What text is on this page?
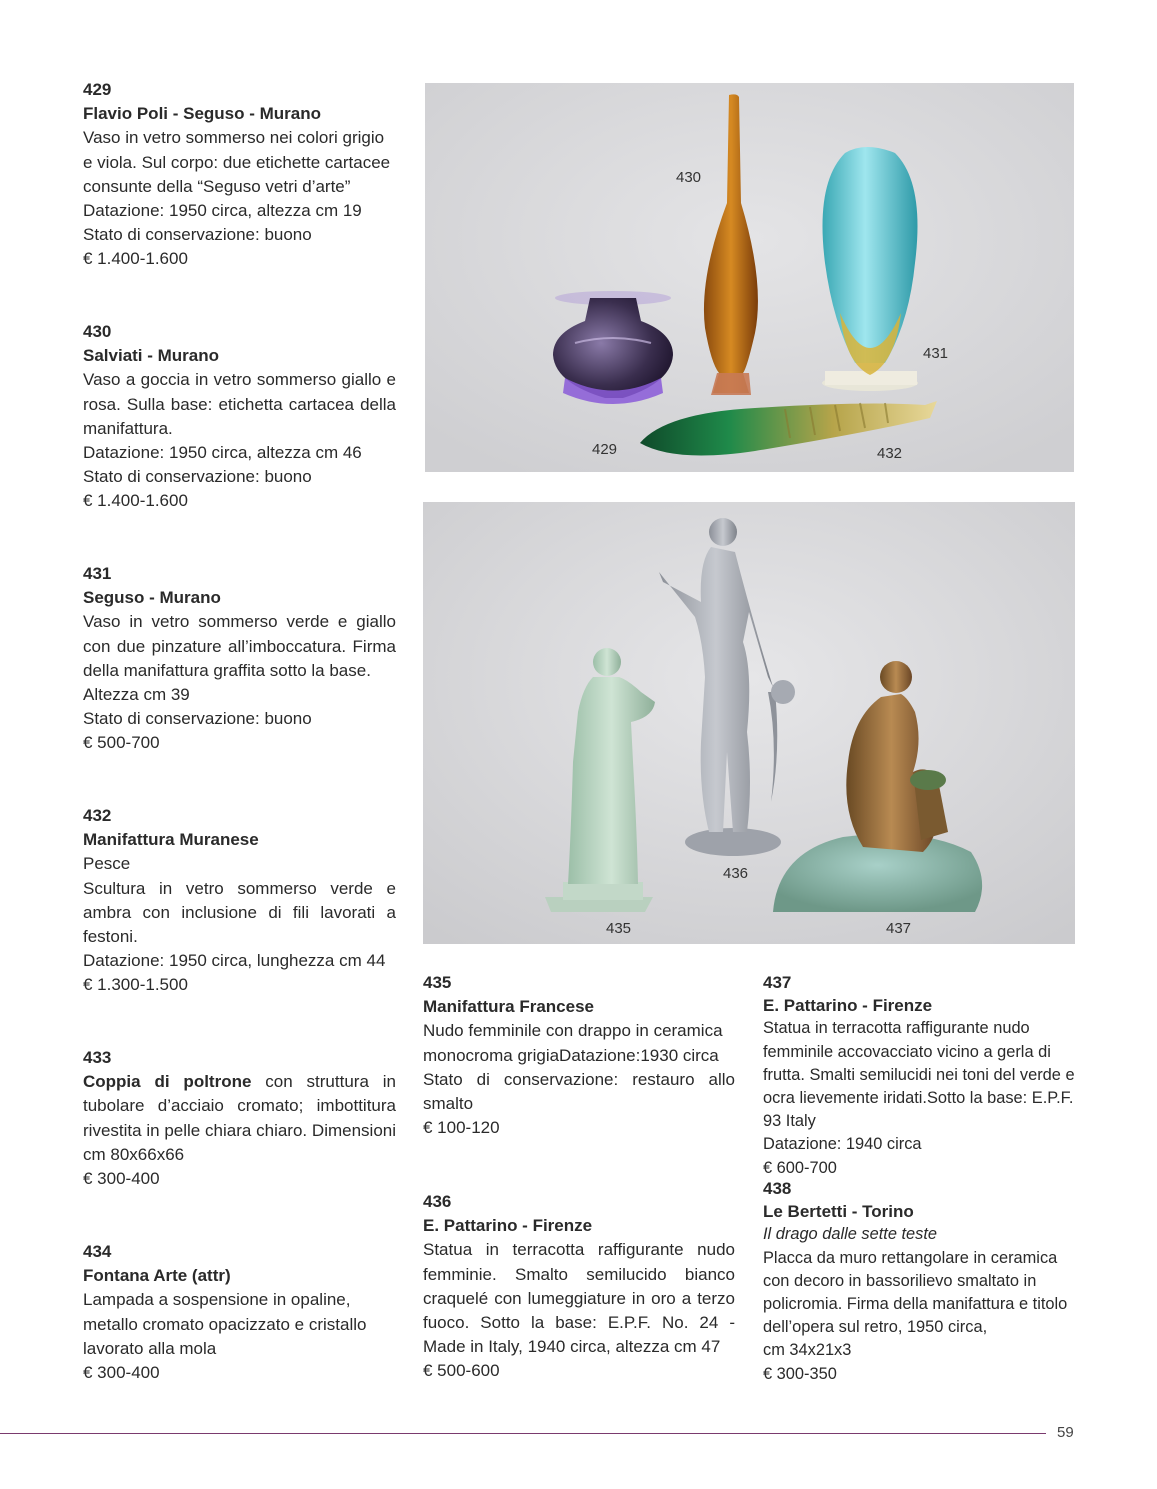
429
Flavio Poli - Seguso - Murano

Vaso in vetro sommerso nei colori grigio e viola. Sul corpo: due etichette cartacee consunte della “Seguso vetri d’arte”

Datazione: 1950 circa, altezza cm 19

Stato di conservazione: buono

€ 1.400-1.600

430
Salviati - Murano

Vaso a goccia in vetro sommerso giallo e rosa. Sulla base: etichetta cartacea della manifattura.

Datazione: 1950 circa, altezza cm 46

Stato di conservazione: buono

€ 1.400-1.600

431
Seguso - Murano

Vaso in vetro sommerso verde e giallo con due pinzature all’imboccatura. Firma della manifattura graffita sotto la base.

Altezza cm 39

Stato di conservazione: buono

€ 500-700

432
Manifattura Muranese

Pesce

Scultura in vetro sommerso verde e ambra con inclusione di fili lavorati a festoni.

Datazione: 1950 circa, lunghezza cm 44

€ 1.300-1.500

433

Coppia di poltrone con struttura in tubolare d’acciaio cromato; imbottitura rivestita in pelle chiara chiaro. Dimensioni cm 80x66x66

€ 300-400

434
Fontana Arte (attr)

Lampada a sospensione in opaline, metallo cromato opacizzato e cristallo lavorato alla mola

€ 300-400

430
431
429	432
436
435	437
435
Manifattura Francese

Nudo femminile con drappo in ceramica monocroma grigiaDatazione:1930 circa

Stato di conservazione: restauro allo smalto

€ 100-120

436
E. Pattarino - Firenze

Statua in terracotta raffigurante nudo femminie. Smalto semilucido bianco craquelé con lumeggiature in oro a terzo fuoco. Sotto la base: E.P.F. No. 24 - Made in Italy, 1940 circa, altezza cm 47

€ 500-600

437
E. Pattarino - Firenze

Statua in terracotta raffigurante nudo femminile accovacciato vicino a gerla di frutta. Smalti semilucidi nei toni del verde e ocra lievemente iridati.Sotto la base: E.P.F. 93 Italy

Datazione: 1940 circa

€ 600-700

438
Le Bertetti - Torino

Il drago dalle sette teste

Placca da muro rettangolare in ceramica con decoro in bassorilievo smaltato in policromia. Firma della manifattura e titolo dell’opera sul retro, 1950 circa,

cm 34x21x3

€ 300-350

59
